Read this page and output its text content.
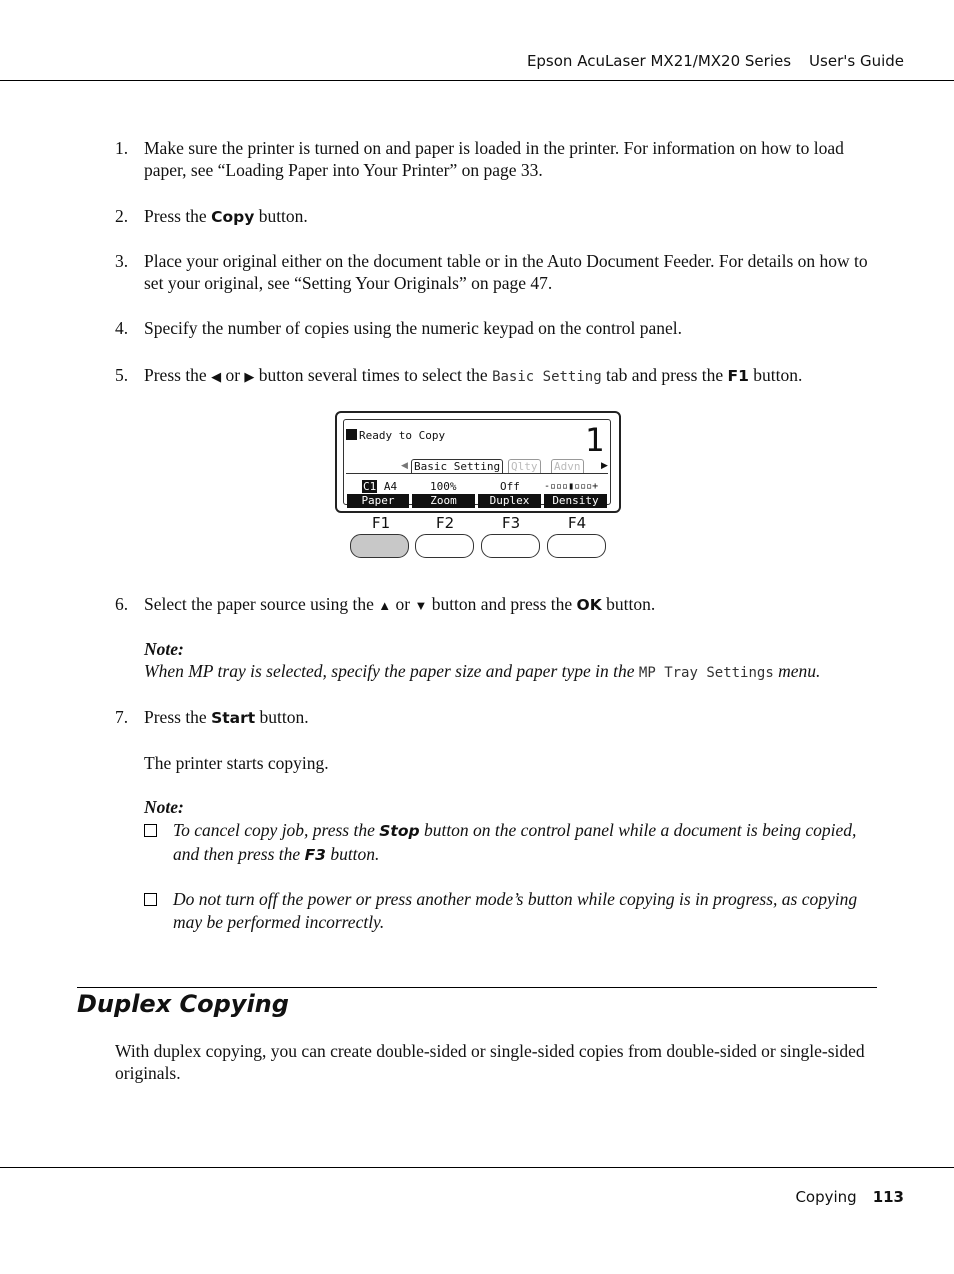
Epson AcuLaser MX21/MX20 Series User's Guide
1. Make sure the printer is turned on and paper is loaded in the printer. For information on how to load paper, see “Loading Paper into Your Printer” on page 33.
2. Press the Copy button.
3. Place your original either on the document table or in the Auto Document Feeder. For details on how to set your original, see “Setting Your Originals” on page 47.
4. Specify the number of copies using the numeric keypad on the control panel.
5. Press the ◀ or ▶ button several times to select the Basic Setting tab and press the F1 button.
Ready to Copy	1
◀ Basic Setting Qlty Advn	▶
C1 A4	100%	Off -▫▫▫▮▫▫▫+
Paper	Zoom	Duplex	Density
F1	F2	F3	F4
6. Select the paper source using the ▲ or ▼ button and press the OK button.
Note:
When MP tray is selected, specify the paper size and paper type in the MP Tray Settings menu.
7. Press the Start button.
The printer starts copying.
Note:
To cancel copy job, press the Stop button on the control panel while a document is being copied, and then press the F3 button.
Do not turn off the power or press another mode’s button while copying is in progress, as copying may be performed incorrectly.
Duplex Copying
With duplex copying, you can create double-sided or single-sided copies from double-sided or single-sided originals.
Copying 113
